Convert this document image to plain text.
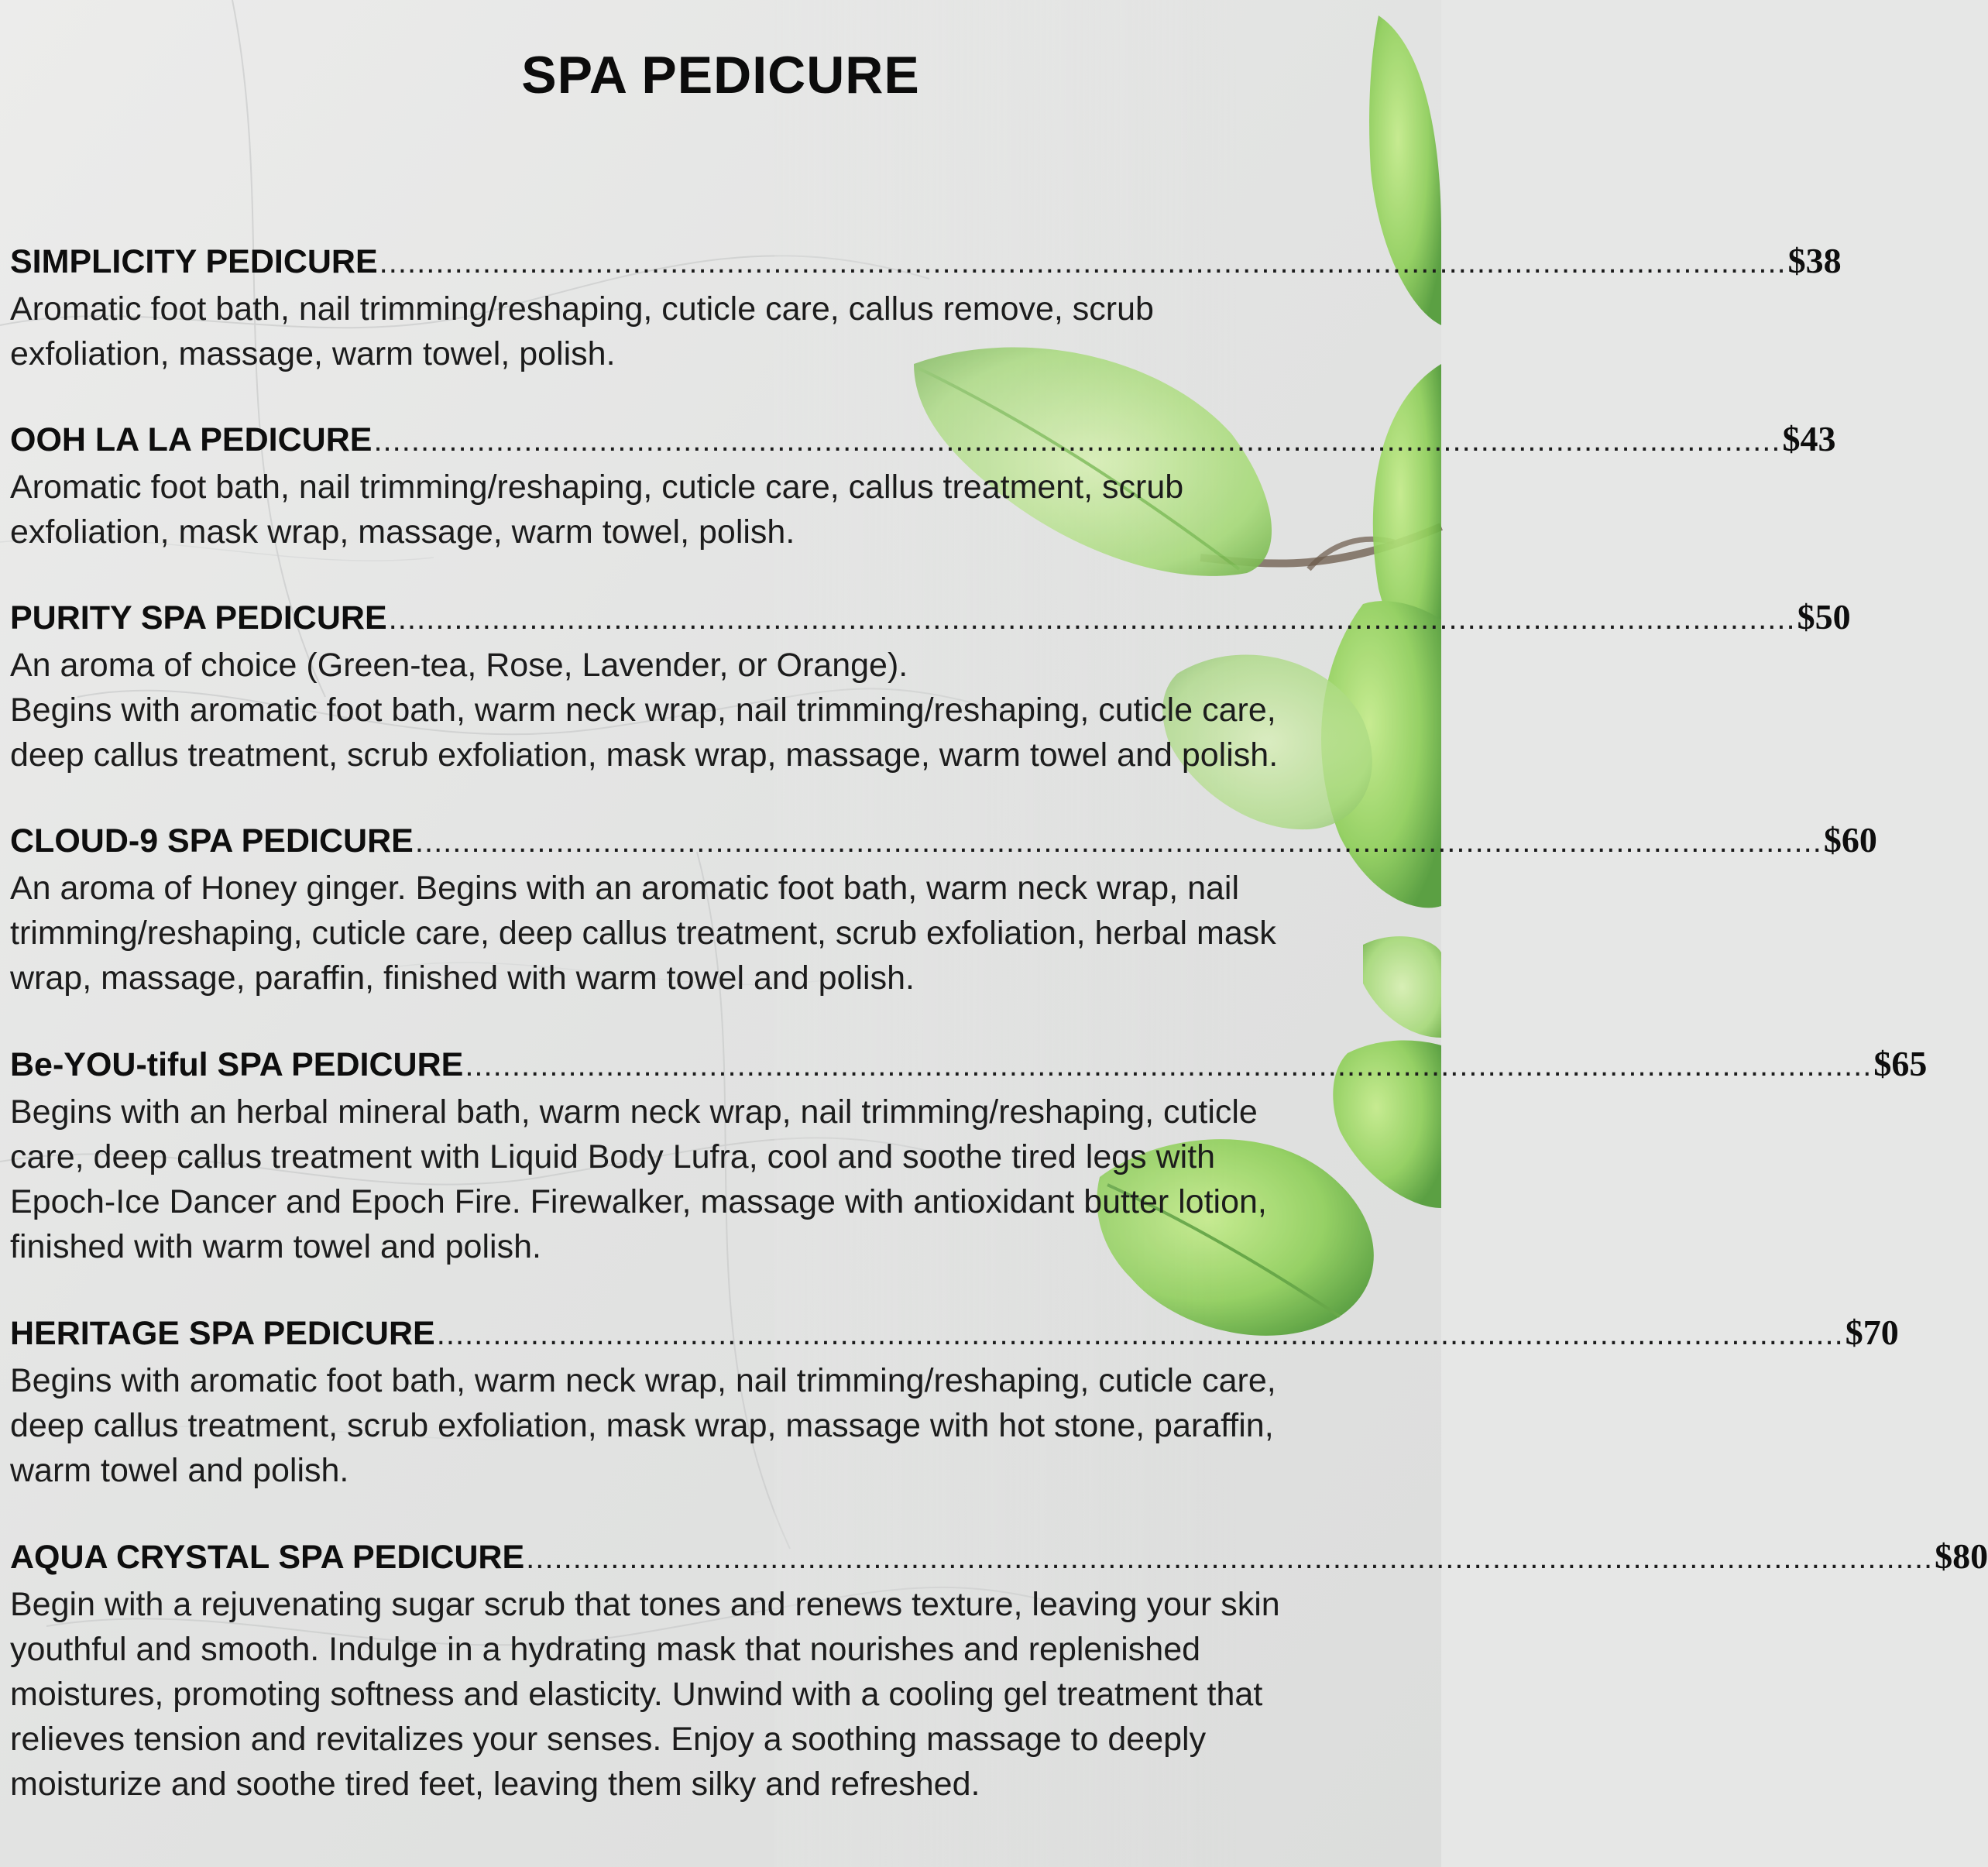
SPA PEDICURE
SIMPLICITY PEDICURE ...................................................................................................................................................... $38

Aromatic foot bath, nail trimming/reshaping, cuticle care, callus remove, scrub
exfoliation, massage, warm towel, polish.

OOH LA LA PEDICURE ...................................................................................................................................................... $43

Aromatic foot bath, nail trimming/reshaping, cuticle care, callus treatment, scrub
exfoliation, mask wrap, massage, warm towel, polish.

PURITY SPA PEDICURE ...................................................................................................................................................... $50

An aroma of choice (Green-tea, Rose, Lavender, or Orange).
Begins with aromatic foot bath, warm neck wrap, nail trimming/reshaping, cuticle care,
deep callus treatment, scrub exfoliation, mask wrap, massage, warm towel and polish.

CLOUD-9 SPA PEDICURE ...................................................................................................................................................... $60

An aroma of Honey ginger. Begins with an aromatic foot bath, warm neck wrap, nail
trimming/reshaping, cuticle care, deep callus treatment, scrub exfoliation, herbal mask
wrap, massage, paraffin, finished with warm towel and polish.

Be-YOU-tiful SPA PEDICURE ...................................................................................................................................................... $65

Begins with an herbal mineral bath, warm neck wrap, nail trimming/reshaping, cuticle
care, deep callus treatment with Liquid Body Lufra, cool and soothe tired legs with
Epoch-Ice Dancer and Epoch Fire. Firewalker, massage with antioxidant butter lotion,
finished with warm towel and polish.

HERITAGE SPA PEDICURE ...................................................................................................................................................... $70

Begins with aromatic foot bath, warm neck wrap, nail trimming/reshaping, cuticle care,
deep callus treatment, scrub exfoliation, mask wrap, massage with hot stone, paraffin,
warm towel and polish.

AQUA CRYSTAL SPA PEDICURE ...................................................................................................................................................... $80

Begin with a rejuvenating sugar scrub that tones and renews texture, leaving your skin
youthful and smooth. Indulge in a hydrating mask that nourishes and replenished
moistures, promoting softness and elasticity. Unwind with a cooling gel treatment that
relieves tension and revitalizes your senses. Enjoy a soothing massage to deeply
moisturize and soothe tired feet, leaving them silky and refreshed.
